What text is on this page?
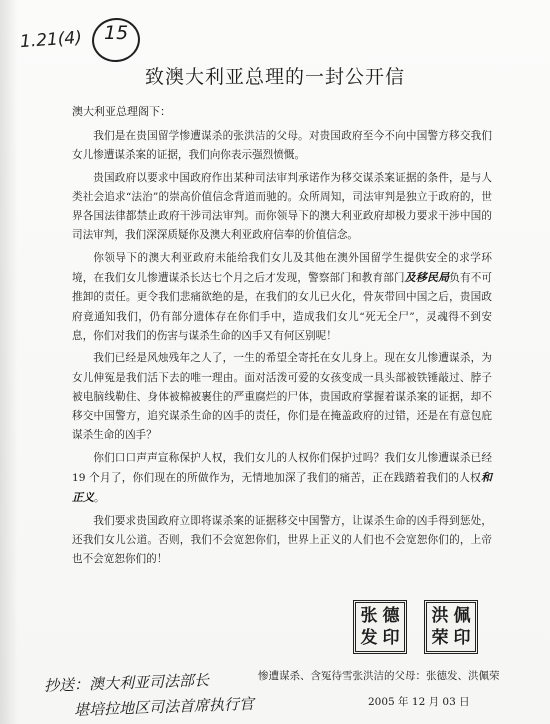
1.21(4) 15
致澳大利亚总理的一封公开信
澳大利亚总理阁下：

我们是在贵国留学惨遭谋杀的张洪洁的父母。对贵国政府至今不向中国警方移交我们女儿惨遭谋杀案的证据，我们向你表示强烈愤慨。

贵国政府以要求中国政府作出某种司法审判承诺作为移交谋杀案证据的条件，是与人类社会追求“法治”的崇高价值信念背道而驰的。众所周知，司法审判是独立于政府的，世界各国法律都禁止政府干涉司法审判。而你领导下的澳大利亚政府却极力要求干涉中国的司法审判，我们深深质疑你及澳大利亚政府信奉的价值信念。

你领导下的澳大利亚政府未能给我们女儿及其他在澳外国留学生提供安全的求学环境，在我们女儿惨遭谋杀长达七个月之后才发现，警察部门和教育部门及移民局负有不可推卸的责任。更令我们悲痛欲绝的是，在我们的女儿已火化，骨灰带回中国之后，贵国政府竟通知我们，仍有部分遗体存在你们手中，造成我们女儿“死无全尸”，灵魂得不到安息，你们对我们的伤害与谋杀生命的凶手又有何区别呢！

我们已经是风烛残年之人了，一生的希望全寄托在女儿身上。现在女儿惨遭谋杀，为女儿伸冤是我们活下去的唯一理由。面对活泼可爱的女孩变成一具头部被铁锤敲过、脖子被电脑线勒住、身体被棉被裹住的严重腐烂的尸体，贵国政府掌握着谋杀案的证据，却不移交中国警方，追究谋杀生命的凶手的责任，你们是在掩盖政府的过错，还是在有意包庇谋杀生命的凶手？

你们口口声声宣称保护人权，我们女儿的人权你们保护过吗？我们女儿惨遭谋杀已经 19 个月了，你们现在的所做作为，无情地加深了我们的痛苦，正在践踏着我们的人权和正义。

我们要求贵国政府立即将谋杀案的证据移交中国警方，让谋杀生命的凶手得到惩处，还我们女儿公道。否则，我们不会宽恕你们，世界上正义的人们也不会宽恕你们的，上帝也不会宽恕你们的！

张 德
发 印
洪 佩
荣 印
惨遭谋杀、含冤待雪张洪洁的父母：张德发、洪佩荣
2005 年 12 月 03 日
抄送：澳大利亚司法部长
堪培拉地区司法首席执行官
